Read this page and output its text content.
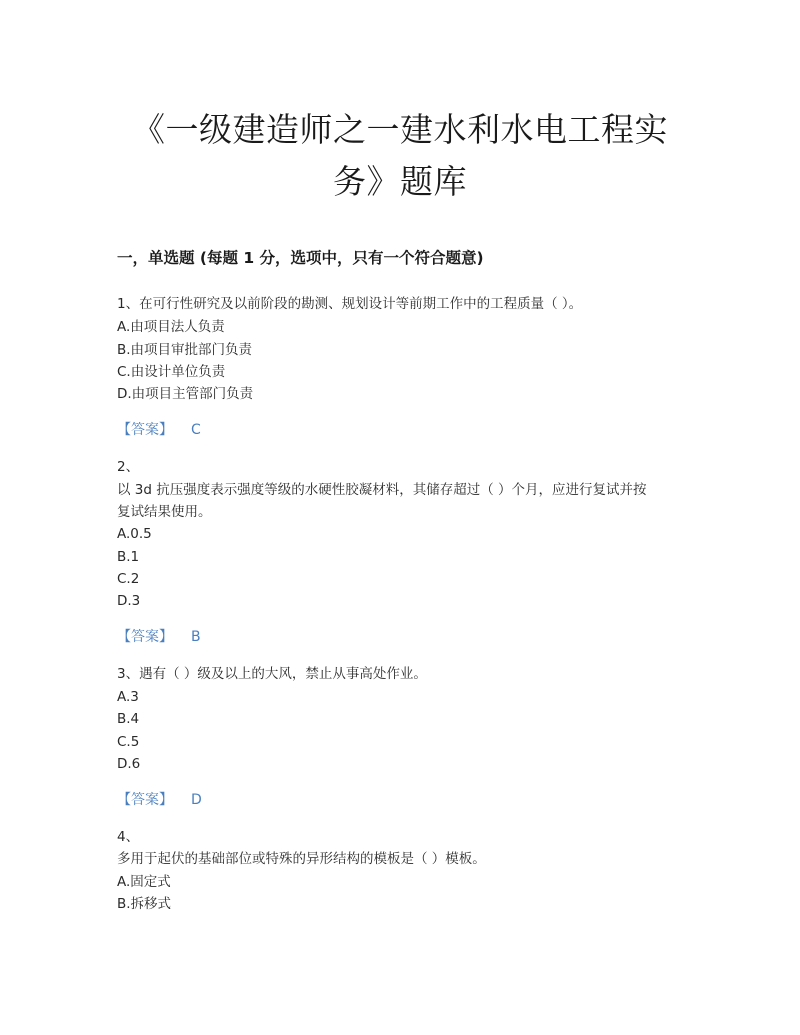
《一级建造师之一建水利水电工程实
务》题库
一，单选题 (每题 1 分，选项中，只有一个符合题意)
1、在可行性研究及以前阶段的勘测、规划设计等前期工作中的工程质量（ ）。
A.由项目法人负责
B.由项目审批部门负责
C.由设计单位负责
D.由项目主管部门负责
【答案】 C
2、
以 3d 抗压强度表示强度等级的水硬性胶凝材料，其储存超过（ ）个月，应进行复试并按
复试结果使用。
A.0.5
B.1
C.2
D.3
【答案】 B
3、遇有（ ）级及以上的大风，禁止从事高处作业。
A.3
B.4
C.5
D.6
【答案】 D
4、
多用于起伏的基础部位或特殊的异形结构的模板是（ ）模板。
A.固定式
B.拆移式
